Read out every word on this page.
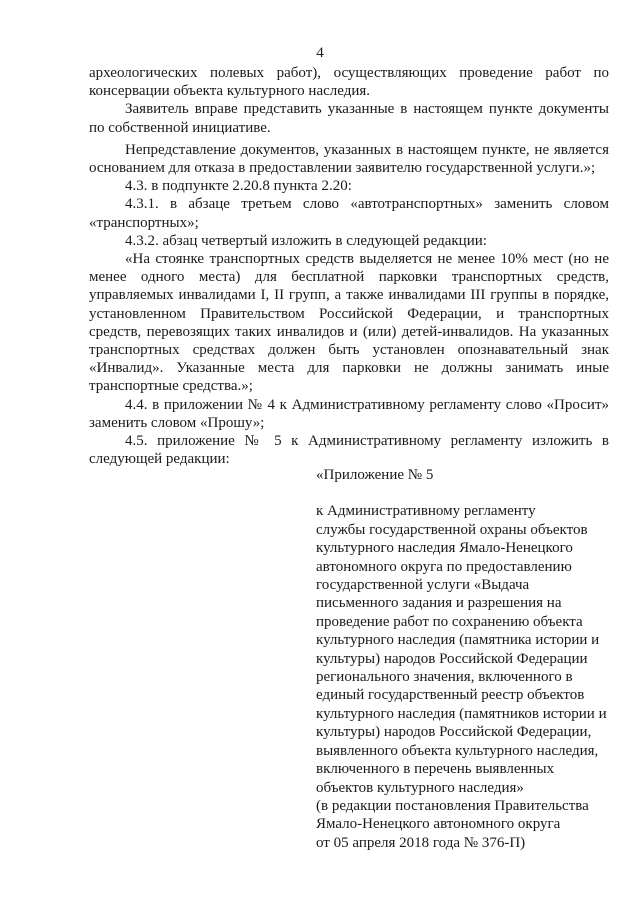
4

археологических полевых работ), осуществляющих проведение работ по консервации объекта культурного наследия.

Заявитель вправе представить указанные в настоящем пункте документы по собственной инициативе.

Непредставление документов, указанных в настоящем пункте, не является основанием для отказа в предоставлении заявителю государственной услуги.»;

4.3. в подпункте 2.20.8 пункта 2.20:

4.3.1. в абзаце третьем слово «автотранспортных» заменить словом «транспортных»;

4.3.2. абзац четвертый изложить в следующей редакции:

«На стоянке транспортных средств выделяется не менее 10% мест (но не менее одного места) для бесплатной парковки транспортных средств, управляемых инвалидами I, II групп, а также инвалидами III группы в порядке, установленном Правительством Российской Федерации, и транспортных средств, перевозящих таких инвалидов и (или) детей-инвалидов. На указанных транспортных средствах должен быть установлен опознавательный знак «Инвалид». Указанные места для парковки не должны занимать иные транспортные средства.»;

4.4. в приложении № 4 к Административному регламенту слово «Просит» заменить словом «Прошу»;

4.5. приложение № 5 к Административному регламенту изложить в следующей редакции:

«Приложение № 5
к Административному регламенту
службы государственной охраны объектов
культурного наследия Ямало-Ненецкого
автономного округа по предоставлению
государственной услуги «Выдача
письменного задания и разрешения на
проведение работ по сохранению объекта
культурного наследия (памятника истории и
культуры) народов Российской Федерации
регионального значения, включенного в
единый государственный реестр объектов
культурного наследия (памятников истории и
культуры) народов Российской Федерации,
выявленного объекта культурного наследия,
включенного в перечень выявленных
объектов культурного наследия»
(в редакции постановления Правительства
Ямало-Ненецкого автономного округа
от 05 апреля 2018 года № 376-П)
